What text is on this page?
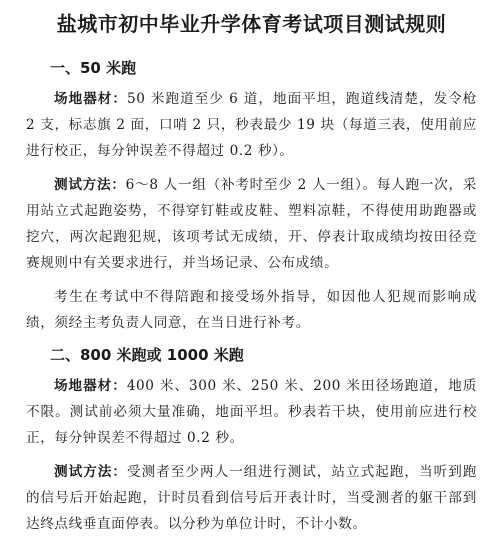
盐城市初中毕业升学体育考试项目测试规则
一、50 米跑

场地器材：50 米跑道至少 6 道，地面平坦，跑道线清楚，发令枪 2 支，标志旗 2 面，口哨 2 只，秒表最少 19 块（每道三表，使用前应进行校正，每分钟误差不得超过 0.2 秒）。

测试方法：6～8 人一组（补考时至少 2 人一组）。每人跑一次，采用站立式起跑姿势，不得穿钉鞋或皮鞋、塑料凉鞋，不得使用助跑器或挖穴，两次起跑犯规，该项考试无成绩，开、停表计取成绩均按田径竞赛规则中有关要求进行，并当场记录、公布成绩。

考生在考试中不得陪跑和接受场外指导，如因他人犯规而影响成绩，须经主考负责人同意，在当日进行补考。

二、800 米跑或 1000 米跑

场地器材：400 米、300 米、250 米、200 米田径场跑道，地质不限。测试前必须大量准确，地面平坦。秒表若干块，使用前应进行校正，每分钟误差不得超过 0.2 秒。

测试方法：受测者至少两人一组进行测试，站立式起跑，当听到跑的信号后开始起跑，计时员看到信号后开表计时，当受测者的躯干部到达终点线垂直面停表。以分秒为单位计时，不计小数。
